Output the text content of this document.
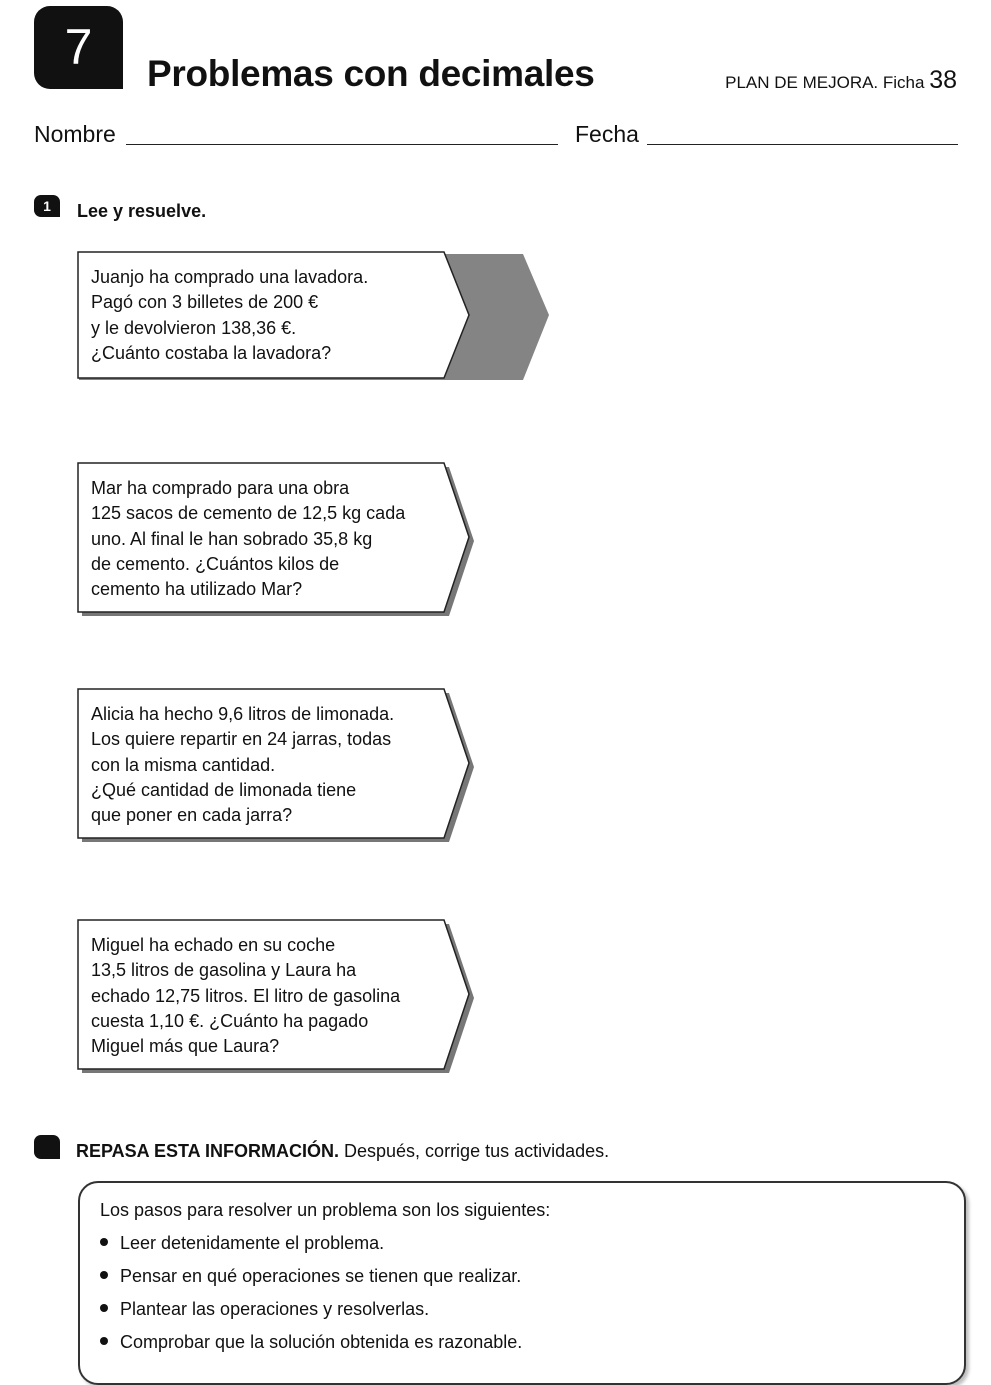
7	Problemas con decimales	PLAN DE MEJORA. Ficha 38
Nombre	Fecha
1	Lee y resuelve.
Juanjo ha comprado una lavadora.
Pagó con 3 billetes de 200 €
y le devolvieron 138,36 €.
¿Cuánto costaba la lavadora?
Mar ha comprado para una obra
125 sacos de cemento de 12,5 kg cada
uno. Al final le han sobrado 35,8 kg
de cemento. ¿Cuántos kilos de
cemento ha utilizado Mar?
Alicia ha hecho 9,6 litros de limonada.
Los quiere repartir en 24 jarras, todas
con la misma cantidad.
¿Qué cantidad de limonada tiene
que poner en cada jarra?
Miguel ha echado en su coche
13,5 litros de gasolina y Laura ha
echado 12,75 litros. El litro de gasolina
cuesta 1,10 €. ¿Cuánto ha pagado
Miguel más que Laura?
REPASA ESTA INFORMACIÓN. Después, corrige tus actividades.
Los pasos para resolver un problema son los siguientes:
Leer detenidamente el problema.
Pensar en qué operaciones se tienen que realizar.
Plantear las operaciones y resolverlas.
Comprobar que la solución obtenida es razonable.
